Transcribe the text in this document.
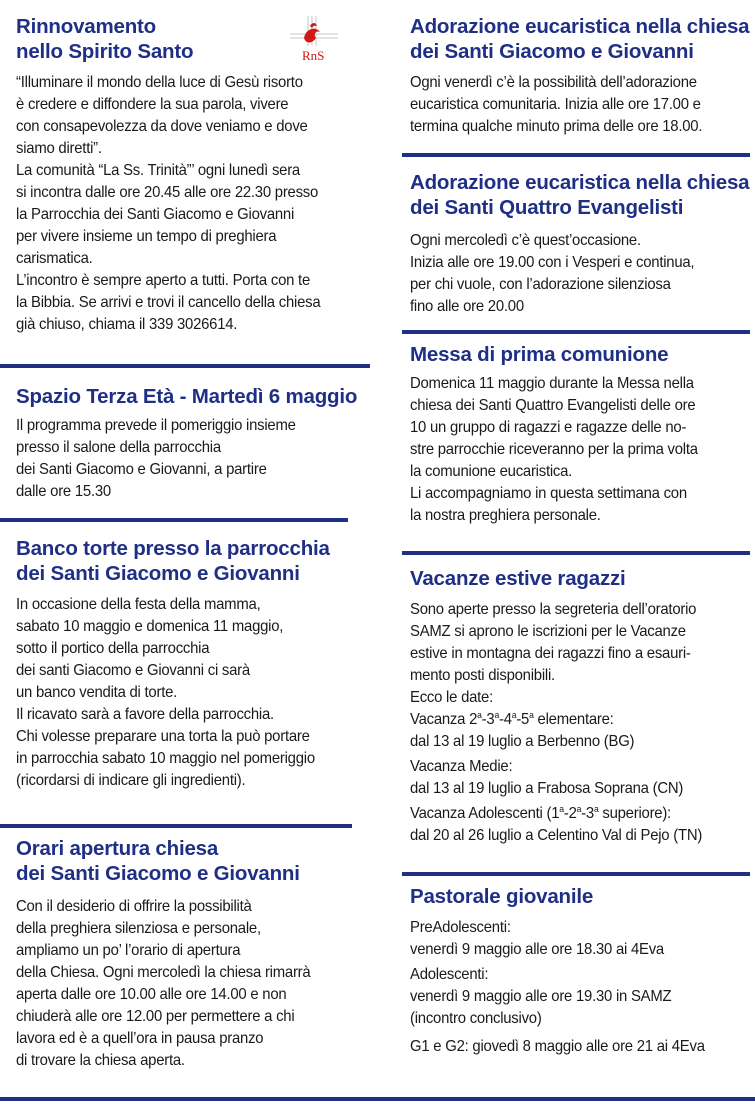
Rinnovamento
nello Spirito Santo
“Illuminare il mondo della luce di Gesù risorto
è credere e diffondere la sua parola, vivere
con consapevolezza da dove veniamo e dove
siamo diretti”.
La comunità “La Ss. Trinità”’ ogni lunedì sera
si incontra dalle ore 20.45 alle ore 22.30 presso
la Parrocchia dei Santi Giacomo e Giovanni
per vivere insieme un tempo di preghiera
carismatica.
L’incontro è sempre aperto a tutti. Porta con te
la Bibbia. Se arrivi e trovi il cancello della chiesa
già chiuso, chiama il 339 3026614.
RnS
Spazio Terza Età - Martedì 6 maggio
Il programma prevede il pomeriggio insieme
presso il salone della parrocchia
dei Santi Giacomo e Giovanni, a partire
dalle ore 15.30
Banco torte presso la parrocchia
dei Santi Giacomo e Giovanni
In occasione della festa della mamma,
sabato 10 maggio e domenica 11 maggio,
sotto il portico della parrocchia
dei santi Giacomo e Giovanni ci sarà
un banco vendita di torte.
Il ricavato sarà a favore della parrocchia.
Chi volesse preparare una torta la può portare
in parrocchia sabato 10 maggio nel pomeriggio
(ricordarsi di indicare gli ingredienti).
Orari apertura chiesa
dei Santi Giacomo e Giovanni
Con il desiderio di offrire la possibilità
della preghiera silenziosa e personale,
ampliamo un po’ l’orario di apertura
della Chiesa. Ogni mercoledì la chiesa rimarrà
aperta dalle ore 10.00 alle ore 14.00 e non
chiuderà alle ore 12.00 per permettere a chi
lavora ed è a quell’ora in pausa pranzo
di trovare la chiesa aperta.
Adorazione eucaristica nella chiesa
dei Santi Giacomo e Giovanni
Ogni venerdì c’è la possibilità dell’adorazione
eucaristica comunitaria. Inizia alle ore 17.00 e
termina qualche minuto prima delle ore 18.00.
Adorazione eucaristica nella chiesa
dei Santi Quattro Evangelisti
Ogni mercoledì c’è quest’occasione.
Inizia alle ore 19.00 con i Vesperi e continua,
per chi vuole, con l’adorazione silenziosa
fino alle ore 20.00
Messa di prima comunione
Domenica 11 maggio durante la Messa nella
chiesa dei Santi Quattro Evangelisti delle ore
10 un gruppo di ragazzi e ragazze delle no-
stre parrocchie riceveranno per la prima volta
la comunione eucaristica.
Li accompagniamo in questa settimana con
la nostra preghiera personale.
Vacanze estive ragazzi
Sono aperte presso la segreteria dell’oratorio
SAMZ si aprono le iscrizioni per le Vacanze
estive in montagna dei ragazzi fino a esauri-
mento posti disponibili.
Ecco le date:
Vacanza 2$^a$-3$^a$-4$^a$-5$^a$ elementare:
dal 13 al 19 luglio a Berbenno (BG)
Vacanza Medie:
dal 13 al 19 luglio a Frabosa Soprana (CN)
Vacanza Adolescenti (1$^a$-2$^a$-3$^a$ superiore):
dal 20 al 26 luglio a Celentino Val di Pejo (TN)
Pastorale giovanile
PreAdolescenti:
venerdì 9 maggio alle ore 18.30 ai 4Eva
Adolescenti:
venerdì 9 maggio alle ore 19.30 in SAMZ
(incontro conclusivo)
G1 e G2: giovedì 8 maggio alle ore 21 ai 4Eva
